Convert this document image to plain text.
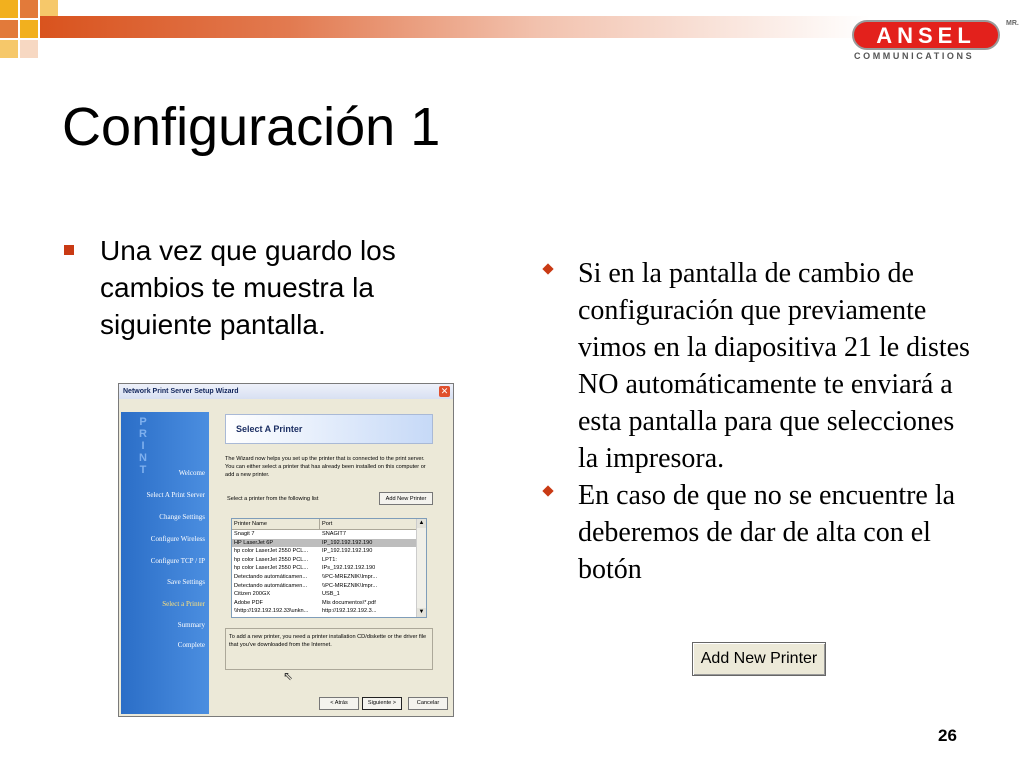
ANSEL
COMMUNICATIONS
MR.
Configuración 1
Una vez que guardo los cambios te muestra la siguiente pantalla.
Si en la pantalla de cambio de configuración que previamente vimos en la diapositiva 21 le distes NO automáticamente te enviará a esta pantalla para que selecciones la impresora.
En caso de que no se encuentre la deberemos de dar de alta con el botón
Add New Printer
26
Network Print Server Setup Wizard	✕
P
R
I
N
T	Welcome
Select A Print Server
Change Settings
Configure Wireless
Configure TCP / IP
Save Settings
Select a Printer
Summary
Complete
Select A Printer
The Wizard now helps you set up the printer that is connected to the print server. You can either select a printer that has already been installed on this computer or add a new printer.
Select a printer from the following list	Add New Printer
Printer Name	Port
Snagit 7	SNAGIT7
HP LaserJet 6P	IP_192.192.192.190
hp color LaserJet 2550 PCL...	IP_192.192.192.190
hp color LaserJet 2550 PCL...	LPT1:
hp color LaserJet 2550 PCL...	IPs_192.192.192.190
Detectando automáticamen...	\\PC-MREZNIK\Impr...
Detectando automáticamen...	\\PC-MREZNIK\Impr...
Citizen 200GX	USB_1
Adobe PDF	Mis documentos\*.pdf
\\http://192.192.192.33\unkn...	http://192.192.192.3...
▲
▼
To add a new printer, you need a printer installation CD/diskette or the driver file that you've downloaded from the Internet.
< Atrás	Siguiente >	Cancelar
⇖
